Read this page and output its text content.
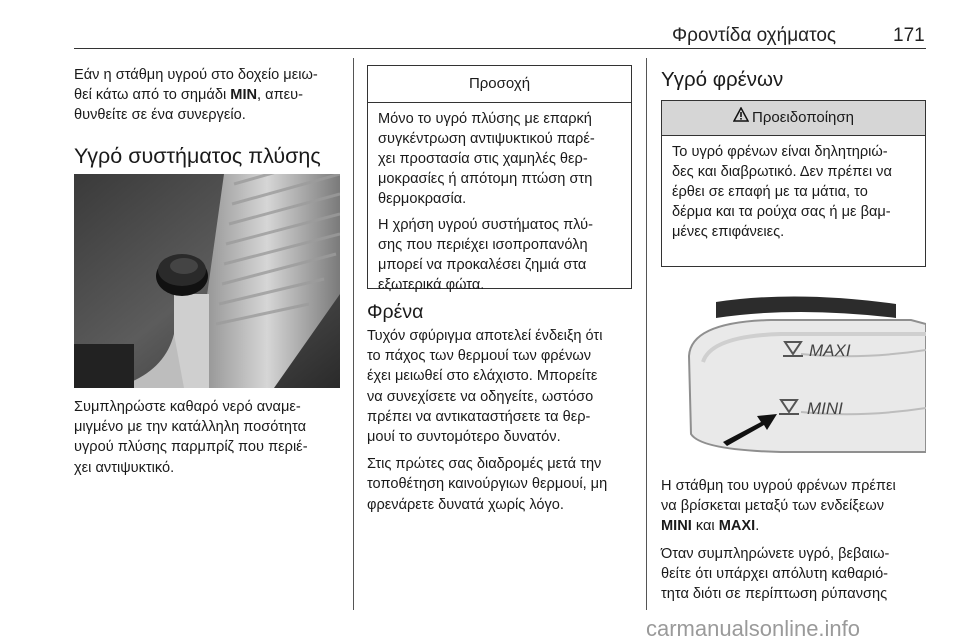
Φροντίδα οχήματος	171

Εάν η στάθμη υγρού στο δοχείο μειω-
θεί κάτω από το σημάδι MIN, απευ-
θυνθείτε σε ένα συνεργείο.

Υγρό συστήματος πλύσης

Συμπληρώστε καθαρό νερό αναμε-
μιγμένο με την κατάλληλη ποσότητα
υγρού πλύσης παρμπρίζ που περιέ-
χει αντιψυκτικό.

Προσοχή

Μόνο το υγρό πλύσης με επαρκή
συγκέντρωση αντιψυκτικού παρέ-
χει προστασία στις χαμηλές θερ-
μοκρασίες ή απότομη πτώση στη
θερμοκρασία.

Η χρήση υγρού συστήματος πλύ-
σης που περιέχει ισοπροπανόλη
μπορεί να προκαλέσει ζημιά στα
εξωτερικά φώτα.

Φρένα

Τυχόν σφύριγμα αποτελεί ένδειξη ότι
το πάχος των θερμουί των φρένων
έχει μειωθεί στο ελάχιστο. Μπορείτε
να συνεχίσετε να οδηγείτε, ωστόσο
πρέπει να αντικαταστήσετε τα θερ-
μουί το συντομότερο δυνατόν.

Στις πρώτες σας διαδρομές μετά την
τοποθέτηση καινούργιων θερμουί, μη
φρενάρετε δυνατά χωρίς λόγο.

Υγρό φρένων
Προειδοποίηση

Το υγρό φρένων είναι δηλητηριώ-
δες και διαβρωτικό. Δεν πρέπει να
έρθει σε επαφή με τα μάτια, το
δέρμα και τα ρούχα σας ή με βαμ-
μένες επιφάνειες.

MAXI
MINI

Η στάθμη του υγρού φρένων πρέπει
να βρίσκεται μεταξύ των ενδείξεων
MINI και MAXI.

Όταν συμπληρώνετε υγρό, βεβαιω-
θείτε ότι υπάρχει απόλυτη καθαριό-
τητα διότι σε περίπτωση ρύπανσης

carmanualsonline.info
